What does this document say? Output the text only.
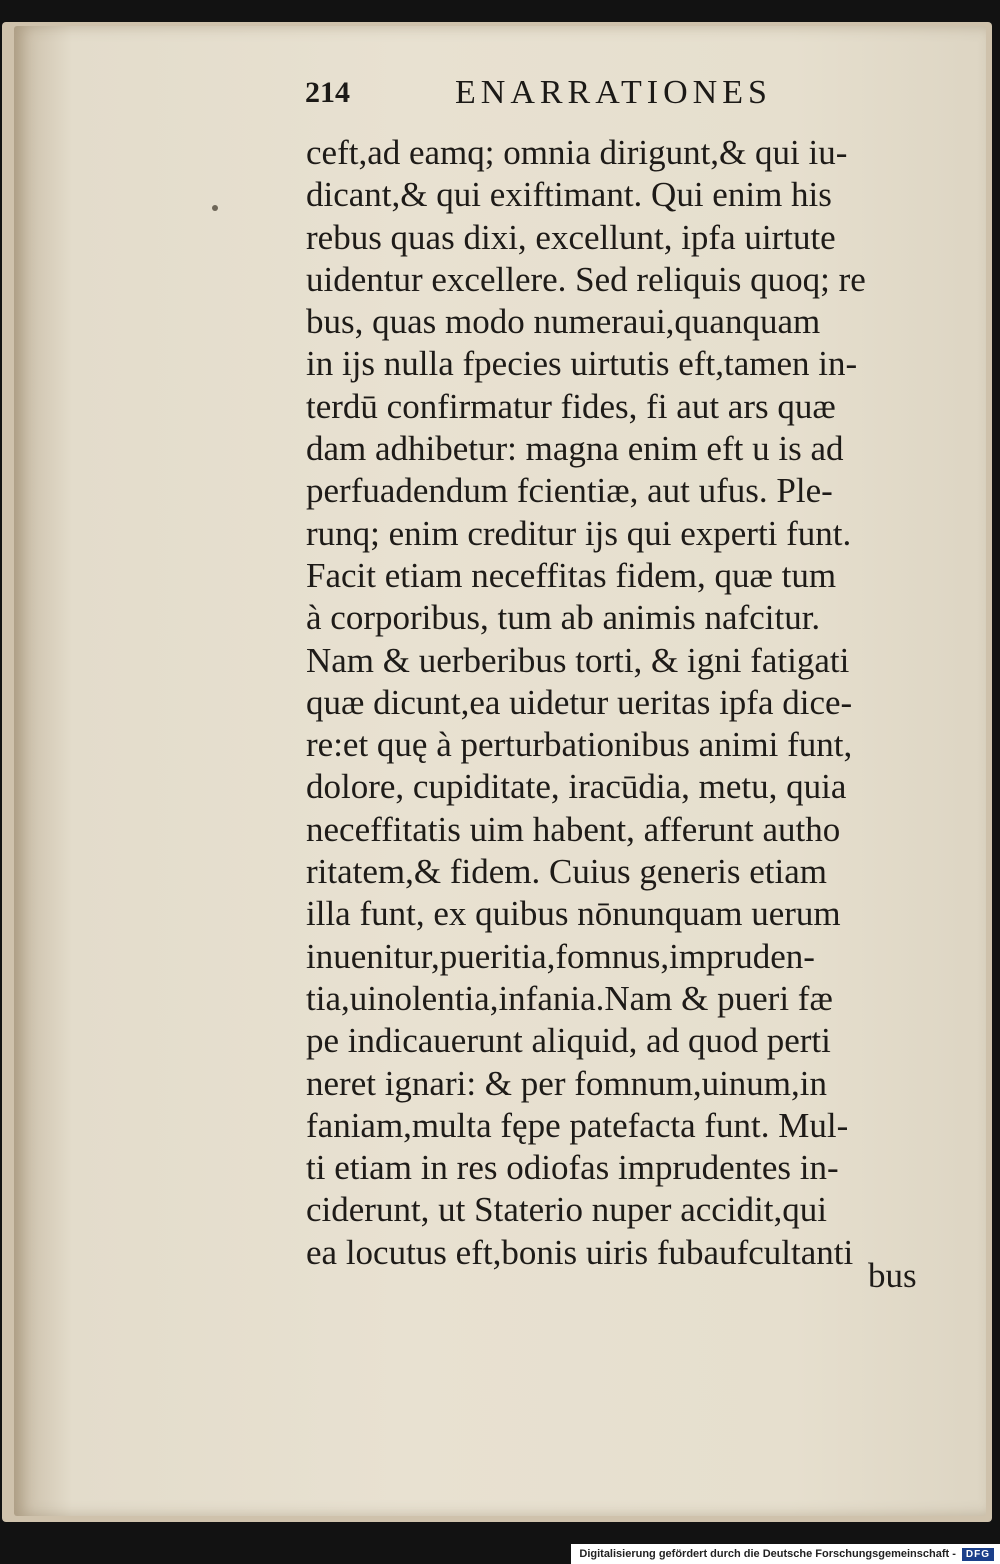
214	ENARRATIONES
ceft,ad eamq; omnia dirigunt,& qui iu-
dicant,& qui exiftimant. Qui enim his
rebus quas dixi, excellunt, ipfa uirtute
uidentur excellere. Sed reliquis quoq; re
bus, quas modo numeraui,quanquam
in ijs nulla fpecies uirtutis eft,tamen in-
terdū confirmatur fides, fi aut ars quæ
dam adhibetur: magna enim eft u is ad
perfuadendum fcientiæ, aut ufus. Ple-
runq; enim creditur ijs qui experti funt.
Facit etiam neceffitas fidem, quæ tum
à corporibus, tum ab animis nafcitur.
Nam & uerberibus torti, & igni fatigati
quæ dicunt,ea uidetur ueritas ipfa dice-
re:et quę à perturbationibus animi funt,
dolore, cupiditate, iracūdia, metu, quia
neceffitatis uim habent, afferunt autho
ritatem,& fidem. Cuius generis etiam
illa funt, ex quibus nōnunquam uerum
inuenitur,pueritia,fomnus,impruden-
tia,uinolentia,infania.Nam & pueri fæ
pe indicauerunt aliquid, ad quod perti
neret ignari: & per fomnum,uinum,in
faniam,multa fępe patefacta funt. Mul-
ti etiam in res odiofas imprudentes in-
ciderunt, ut Staterio nuper accidit,qui
ea locutus eft,bonis uiris fubaufcultanti
bus
Digitalisierung gefördert durch die Deutsche Forschungsgemeinschaft -	DFG
